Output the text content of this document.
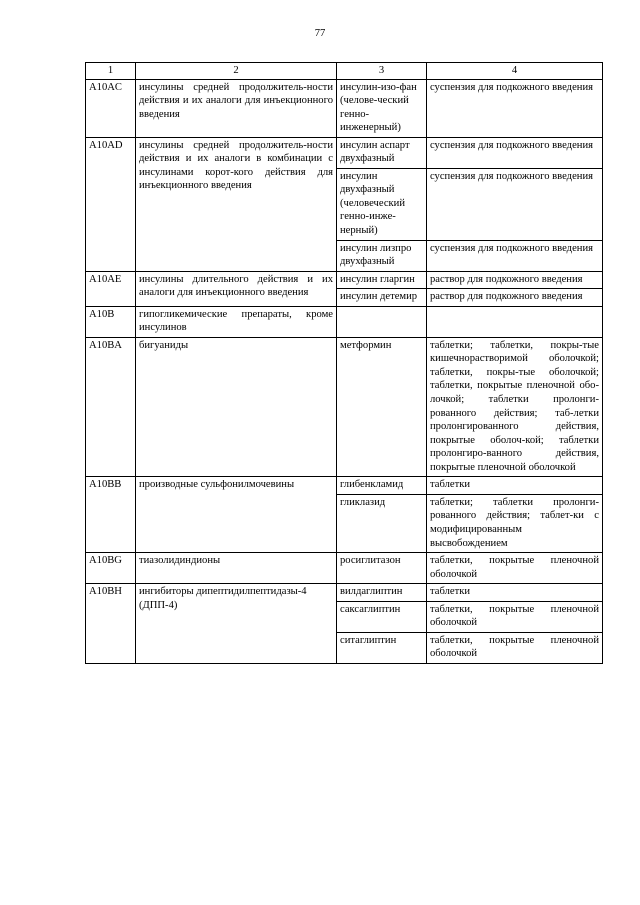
77
1	2	3	4
A10AC	инсулины средней продолжитель-ности действия и их аналоги для инъекционного введения	инсулин-изо-фан (челове-ческий генно-инженерный)	суспензия для подкожного введения
A10AD	инсулины средней продолжитель-ности действия и их аналоги в комбинации с инсулинами корот-кого действия для инъекционного введения	инсулин аспарт двухфазный	суспензия для подкожного введения
		инсулин двухфазный (человеческий генно-инже-нерный)	суспензия для подкожного введения
		инсулин лизпро двухфазный	суспензия для подкожного введения
A10AE	инсулины длительного действия и их аналоги для инъекционного введения	инсулин гларгин	раствор для подкожного введения
		инсулин детемир	раствор для подкожного введения
A10B	гипогликемические препараты, кроме инсулинов		
A10BA	бигуаниды	метформин	таблетки; таблетки, покры-тые кишечнорастворимой оболочкой; таблетки, покры-тые оболочкой; таблетки, покрытые пленочной обо-лочкой; таблетки пролонги-рованного действия; таб-летки пролонгированного действия, покрытые оболоч-кой; таблетки пролонгиро-ванного действия, покрытые пленочной оболочкой
A10BB	производные сульфонилмочевины	глибенкламид	таблетки
		гликлазид	таблетки; таблетки пролонги-рованного действия; таблет-ки с модифицированным высвобождением
A10BG	тиазолидиндионы	росиглитазон	таблетки, покрытые пленочной оболочкой
A10BH	ингибиторы дипептидилпептидазы-4 (ДПП-4)	вилдаглиптин	таблетки
		саксаглиптин	таблетки, покрытые пленочной оболочкой
		ситаглиптин	таблетки, покрытые пленочной оболочкой
